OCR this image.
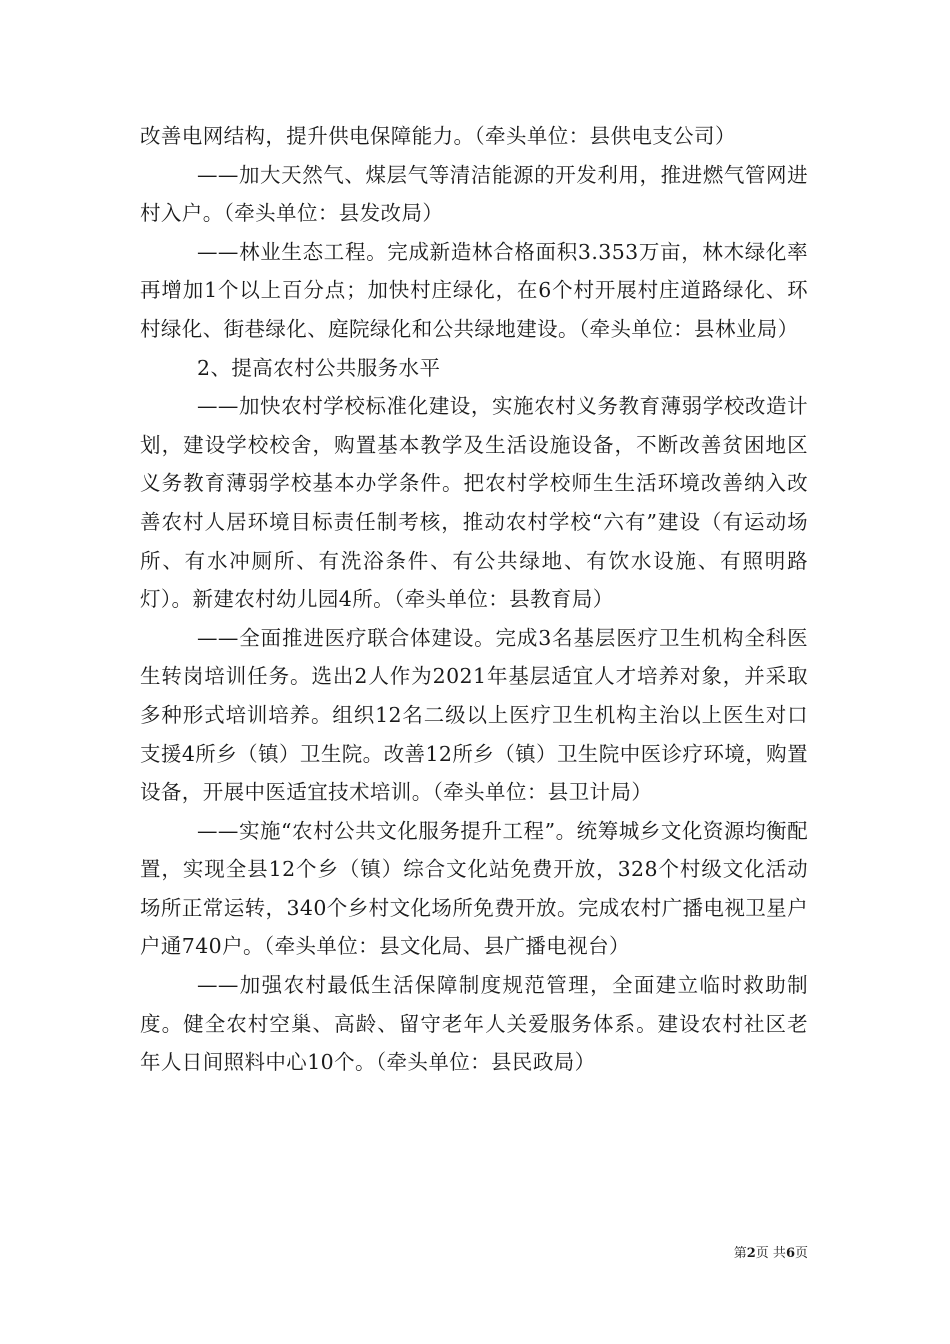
改善电网结构，提升供电保障能力。（牵头单位：县供电支公司）

——加大天然气、煤层气等清洁能源的开发利用，推进燃气管网进村入户。（牵头单位：县发改局）

——林业生态工程。完成新造林合格面积3.353万亩，林木绿化率再增加1个以上百分点；加快村庄绿化，在6个村开展村庄道路绿化、环村绿化、街巷绿化、庭院绿化和公共绿地建设。（牵头单位：县林业局）

2、提高农村公共服务水平

——加快农村学校标准化建设，实施农村义务教育薄弱学校改造计划，建设学校校舍，购置基本教学及生活设施设备，不断改善贫困地区义务教育薄弱学校基本办学条件。把农村学校师生生活环境改善纳入改善农村人居环境目标责任制考核，推动农村学校“六有”建设（有运动场所、有水冲厕所、有洗浴条件、有公共绿地、有饮水设施、有照明路灯）。新建农村幼儿园4所。（牵头单位：县教育局）

——全面推进医疗联合体建设。完成3名基层医疗卫生机构全科医生转岗培训任务。选出2人作为2021年基层适宜人才培养对象，并采取多种形式培训培养。组织12名二级以上医疗卫生机构主治以上医生对口支援4所乡（镇）卫生院。改善12所乡（镇）卫生院中医诊疗环境，购置设备，开展中医适宜技术培训。（牵头单位：县卫计局）

——实施“农村公共文化服务提升工程”。统筹城乡文化资源均衡配置，实现全县12个乡（镇）综合文化站免费开放，328个村级文化活动场所正常运转，340个乡村文化场所免费开放。完成农村广播电视卫星户户通740户。（牵头单位：县文化局、县广播电视台）

——加强农村最低生活保障制度规范管理，全面建立临时救助制度。健全农村空巢、高龄、留守老年人关爱服务体系。建设农村社区老年人日间照料中心10个。（牵头单位：县民政局）

第2页 共6页
